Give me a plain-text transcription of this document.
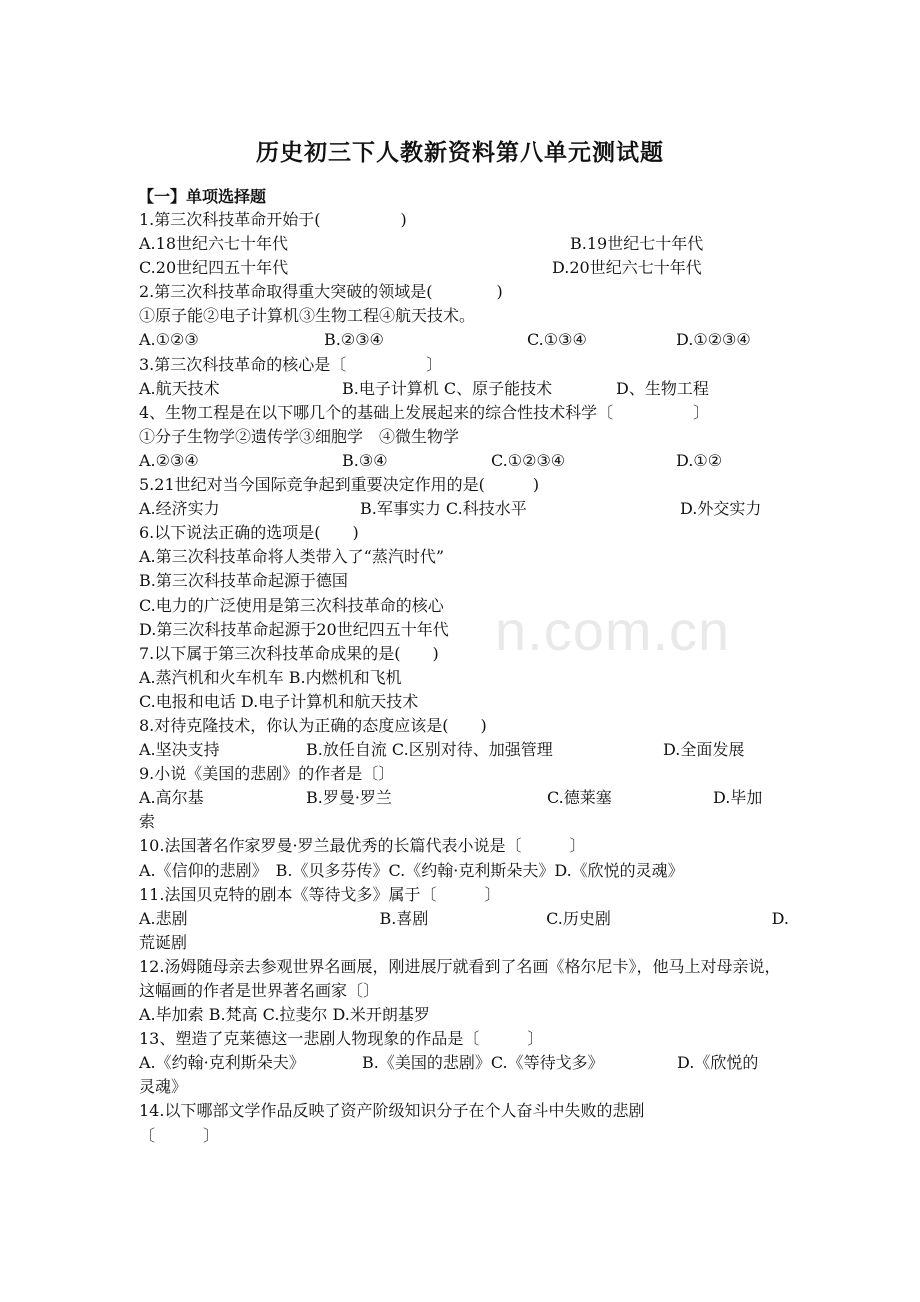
历史初三下人教新资料第八单元测试题
【一】单项选择题
n.com.cn
1.第三次科技革命开始于(　　　　　)
A.18世纪六七十年代	B.19世纪七十年代
C.20世纪四五十年代	D.20世纪六七十年代
2.第三次科技革命取得重大突破的领域是(　　　　)
①原子能②电子计算机③生物工程④航天技术。
A.①②③	B.②③④	C.①③④	D.①②③④
3.第三次科技革命的核心是〔　　　　　〕
A.航天技术	B.电子计算机 C、原子能技术	D、生物工程
4、生物工程是在以下哪几个的基础上发展起来的综合性技术科学〔　　　　　〕
①分子生物学②遗传学③细胞学　④微生物学
A.②③④	B.③④	C.①②③④	D.①②
5.21世纪对当今国际竞争起到重要决定作用的是(　　　)
A.经济实力	B.军事实力 C.科技水平	D.外交实力
6.以下说法正确的选项是(　　)
A.第三次科技革命将人类带入了“蒸汽时代”
B.第三次科技革命起源于德国
C.电力的广泛使用是第三次科技革命的核心
D.第三次科技革命起源于20世纪四五十年代
7.以下属于第三次科技革命成果的是(　　)
A.蒸汽机和火车机车 B.内燃机和飞机
C.电报和电话 D.电子计算机和航天技术
8.对待克隆技术，你认为正确的态度应该是(　　)
A.坚决支持	B.放任自流 C.区别对待、加强管理	D.全面发展
9.小说《美国的悲剧》的作者是〔〕
A.高尔基	B.罗曼·罗兰	C.德莱塞	D.毕加
索
10.法国著名作家罗曼·罗兰最优秀的长篇代表小说是〔　　　〕
A.《信仰的悲剧》　B.《贝多芬传》C.《约翰·克利斯朵夫》D.《欣悦的灵魂》
11.法国贝克特的剧本《等待戈多》属于〔　　　〕
A.悲剧	B.喜剧	C.历史剧	D.
荒诞剧
12.汤姆随母亲去参观世界名画展，刚进展厅就看到了名画《格尔尼卡》，他马上对母亲说，这幅画的作者是世界著名画家〔〕
A.毕加索 B.梵高 C.拉斐尔 D.米开朗基罗
13、塑造了克莱德这一悲剧人物现象的作品是〔　　　〕
A.《约翰·克利斯朵夫》	B.《美国的悲剧》C.《等待戈多》	D.《欣悦的
灵魂》
14.以下哪部文学作品反映了资产阶级知识分子在个人奋斗中失败的悲剧
〔　　　〕
